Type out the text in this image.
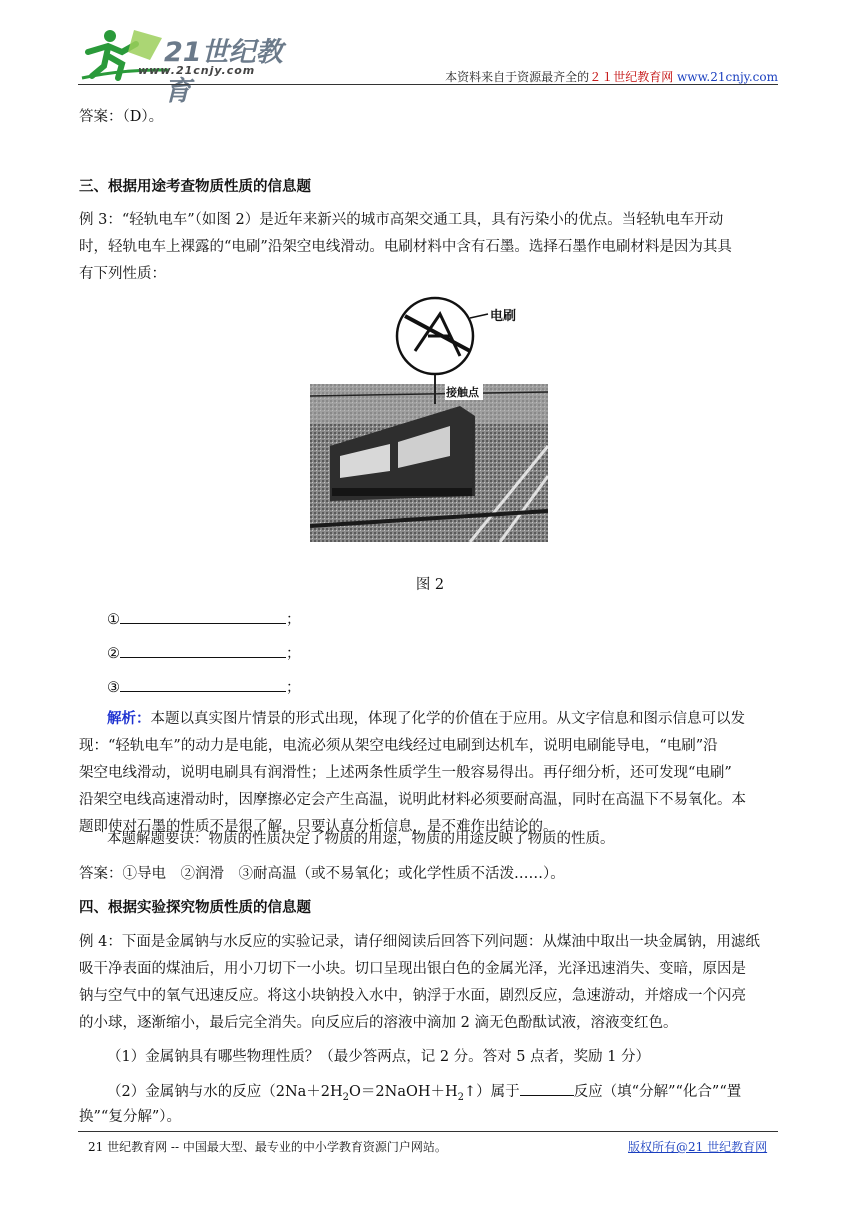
21世纪教育
www.21cnjy.com	本资料来自于资源最齐全的２１世纪教育网 www.21cnjy.com
答案：（D）。
三、根据用途考查物质性质的信息题
例 3：“轻轨电车”（如图 2）是近年来新兴的城市高架交通工具，具有污染小的优点。当轻轨电车开动
时，轻轨电车上裸露的“电刷”沿架空电线滑动。电刷材料中含有石墨。选择石墨作电刷材料是因为其具
有下列性质：
电刷
接触点
图 2
①	；
②	；
③	；
解析：本题以真实图片情景的形式出现，体现了化学的价值在于应用。从文字信息和图示信息可以发
现：“轻轨电车”的动力是电能，电流必须从架空电线经过电刷到达机车，说明电刷能导电，“电刷”沿
架空电线滑动，说明电刷具有润滑性；上述两条性质学生一般容易得出。再仔细分析，还可发现“电刷”
沿架空电线高速滑动时，因摩擦必定会产生高温，说明此材料必须要耐高温，同时在高温下不易氧化。本
题即使对石墨的性质不是很了解，只要认真分析信息，是不难作出结论的。
本题解题要诀：物质的性质决定了物质的用途，物质的用途反映了物质的性质。
答案：①导电　②润滑　③耐高温（或不易氧化；或化学性质不活泼……）。
四、根据实验探究物质性质的信息题
例 4：下面是金属钠与水反应的实验记录，请仔细阅读后回答下列问题：从煤油中取出一块金属钠，用滤纸
吸干净表面的煤油后，用小刀切下一小块。切口呈现出银白色的金属光泽，光泽迅速消失、变暗，原因是
钠与空气中的氧气迅速反应。将这小块钠投入水中，钠浮于水面，剧烈反应，急速游动，并熔成一个闪亮
的小球，逐渐缩小，最后完全消失。向反应后的溶液中滴加 2 滴无色酚酞试液，溶液变红色。
（1）金属钠具有哪些物理性质？（最少答两点，记 2 分。答对 5 点者，奖励 1 分）
（2）金属钠与水的反应$(2Na+2H_2O=2NaOH+H_2↑)$属于	反应（填“分解”“化合”“置
换”“复分解”）。
21 世纪教育网 -- 中国最大型、最专业的中小学教育资源门户网站。	版权所有@21 世纪教育网
